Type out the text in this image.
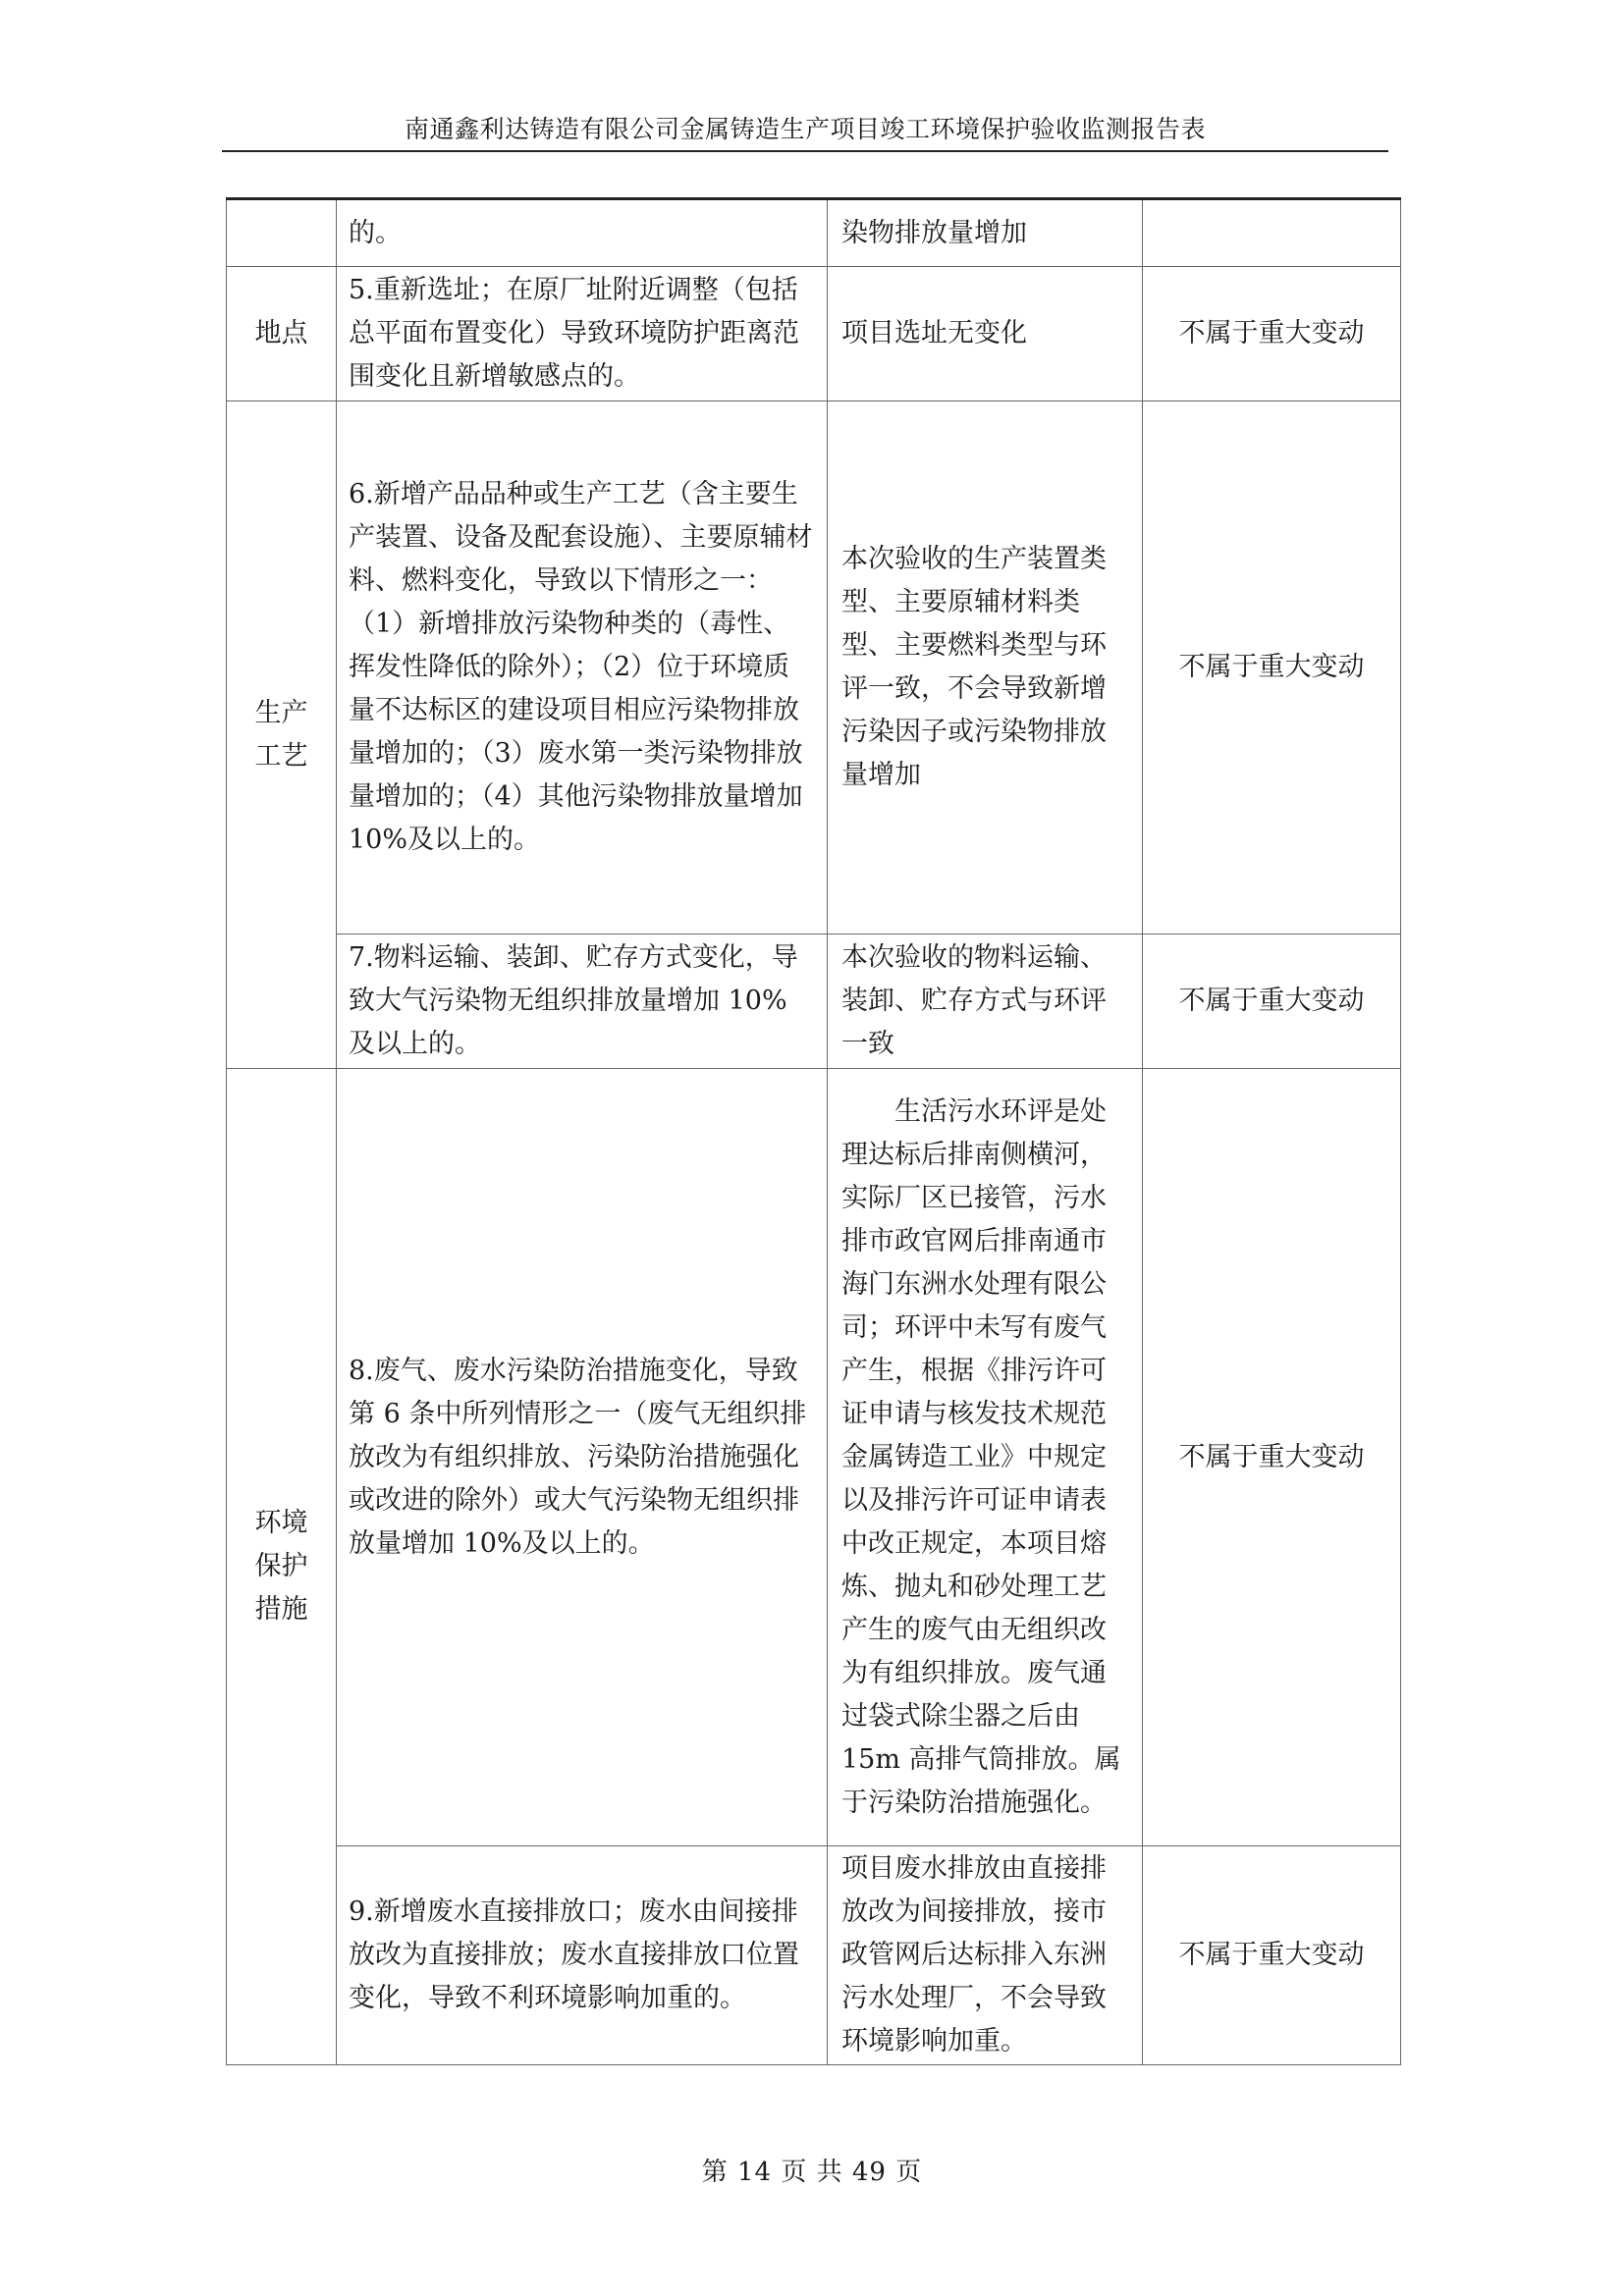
南通鑫利达铸造有限公司金属铸造生产项目竣工环境保护验收监测报告表
	的。	染物排放量增加	
地点	5.重新选址；在原厂址附近调整（包括总平面布置变化）导致环境防护距离范围变化且新增敏感点的。	项目选址无变化	不属于重大变动
生产工艺	6.新增产品品种或生产工艺（含主要生产装置、设备及配套设施）、主要原辅材料、燃料变化，导致以下情形之一：（1）新增排放污染物种类的（毒性、挥发性降低的除外）；（2）位于环境质量不达标区的建设项目相应污染物排放量增加的；（3）废水第一类污染物排放量增加的；（4）其他污染物排放量增加 10%及以上的。	本次验收的生产装置类型、主要原辅材料类型、主要燃料类型与环评一致，不会导致新增污染因子或污染物排放量增加	不属于重大变动
	7.物料运输、装卸、贮存方式变化，导致大气污染物无组织排放量增加 10%及以上的。	本次验收的物料运输、装卸、贮存方式与环评一致	不属于重大变动
环境保护措施	8.废气、废水污染防治措施变化，导致第 6 条中所列情形之一（废气无组织排放改为有组织排放、污染防治措施强化或改进的除外）或大气污染物无组织排放量增加 10%及以上的。	生活污水环评是处理达标后排南侧横河，实际厂区已接管，污水排市政官网后排南通市海门东洲水处理有限公司；环评中未写有废气产生，根据《排污许可证申请与核发技术规范金属铸造工业》中规定以及排污许可证申请表中改正规定，本项目熔炼、抛丸和砂处理工艺产生的废气由无组织改为有组织排放。废气通过袋式除尘器之后由 15m 高排气筒排放。属于污染防治措施强化。	不属于重大变动
	9.新增废水直接排放口；废水由间接排放改为直接排放；废水直接排放口位置变化，导致不利环境影响加重的。	项目废水排放由直接排放改为间接排放，接市政管网后达标排入东洲污水处理厂，不会导致环境影响加重。	不属于重大变动
第 14 页 共 49 页
